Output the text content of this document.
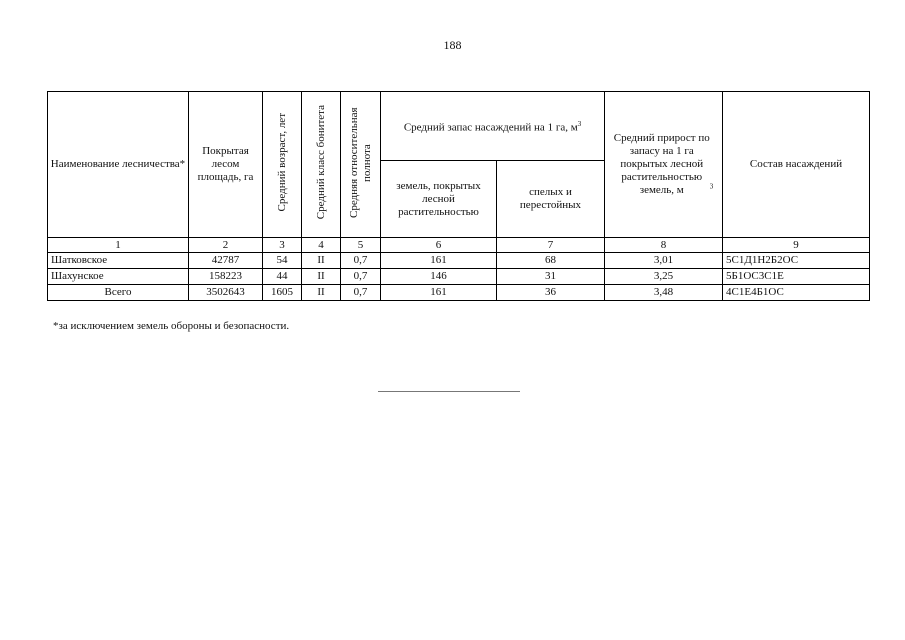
188
Наименование лесничества*	Покрытая лесом площадь, га	Средний возраст, лет	Средний класс бонитета	Средняя относительная полнота	Средний запас насаждений на 1 га, $м^3$		Средний прирост по запасу на 1 га покрытых лесной растительностью земель, м $^3$	Состав насаждений
					земель, покрытых лесной растительностью	спелых и перестойных		
1	2	3	4	5	6	7	8	9
Шатковское	42787	54	II	0,7	161	68	3,01	5С1Д1Н2Б2ОС
Шахунское	158223	44	II	0,7	146	31	3,25	5Б1ОС3С1Е
Всего	3502643	1605	II	0,7	161	36	3,48	4С1Е4Б1ОС
*за исключением земель обороны и безопасности.
